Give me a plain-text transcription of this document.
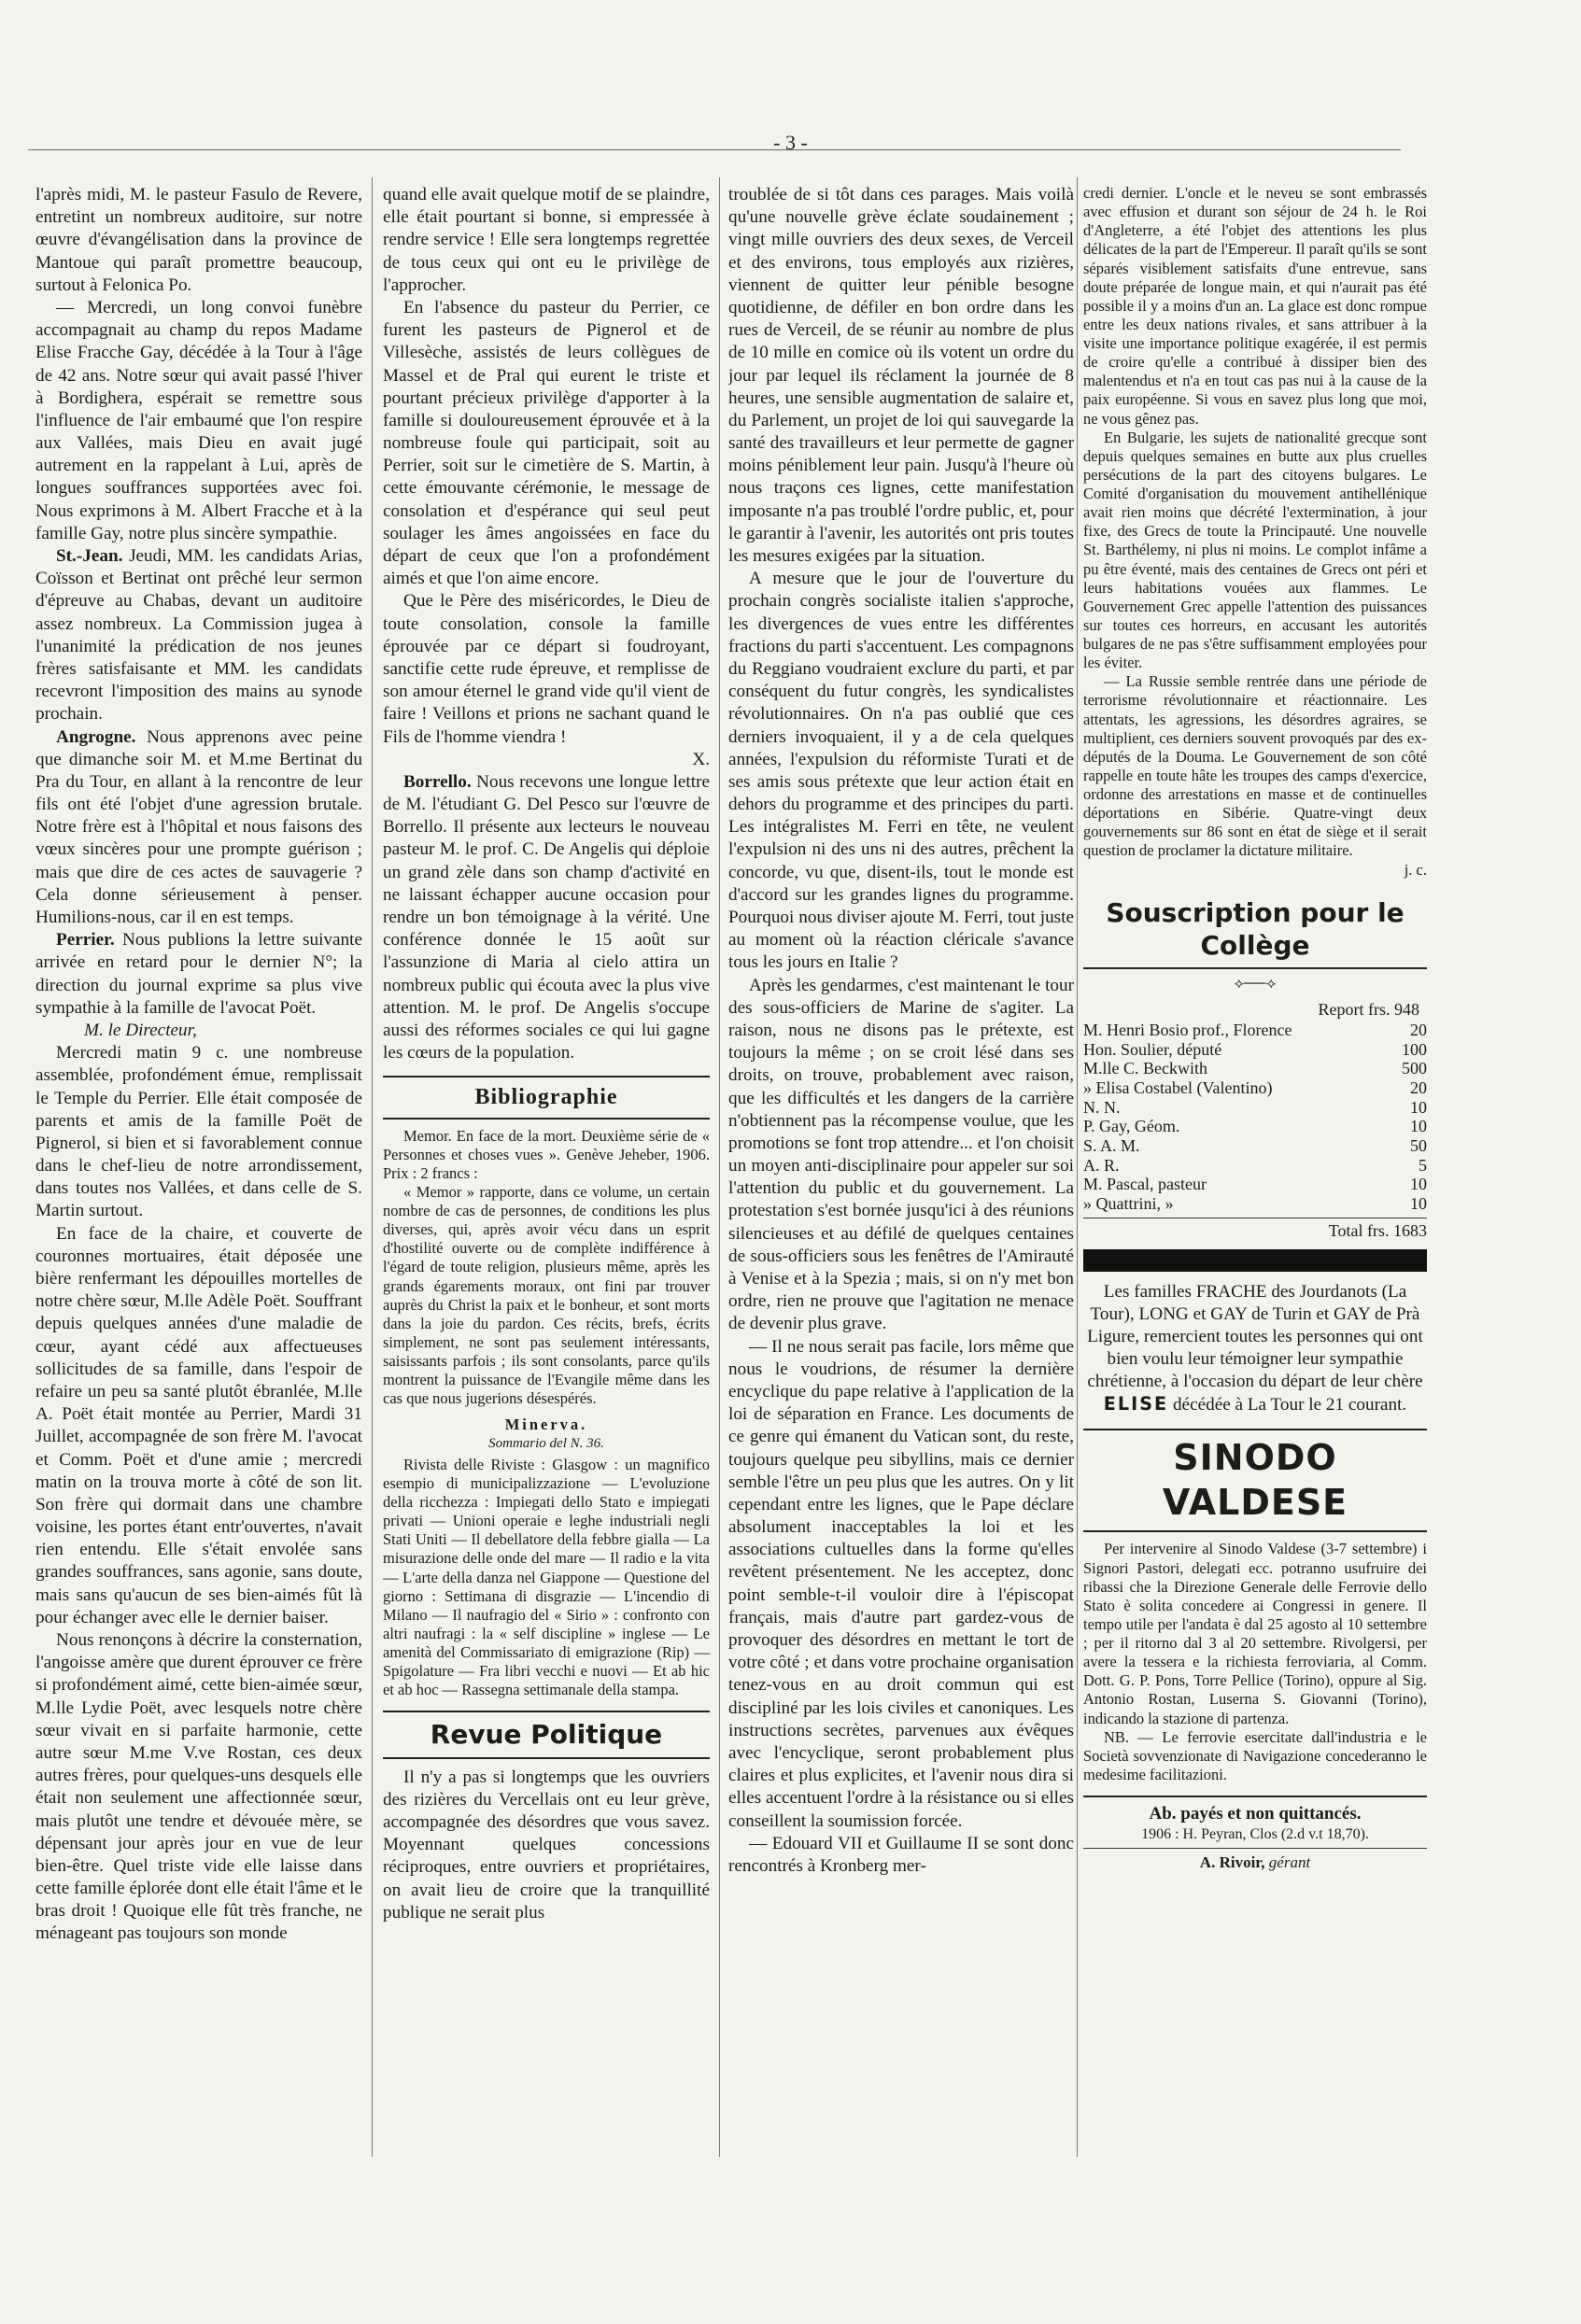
- 3 -

l'après midi, M. le pasteur Fasulo de Revere, entretint un nombreux auditoire, sur notre œuvre d'évangélisation dans la province de Mantoue qui paraît promettre beaucoup, surtout à Felonica Po.

— Mercredi, un long convoi funèbre accompagnait au champ du repos Madame Elise Fracche Gay, décédée à la Tour à l'âge de 42 ans. Notre sœur qui avait passé l'hiver à Bordighera, espérait se remettre sous l'influence de l'air embaumé que l'on respire aux Vallées, mais Dieu en avait jugé autrement en la rappelant à Lui, après de longues souffrances supportées avec foi. Nous exprimons à M. Albert Fracche et à la famille Gay, notre plus sincère sympathie.

St.-Jean. Jeudi, MM. les candidats Arias, Coïsson et Bertinat ont prêché leur sermon d'épreuve au Chabas, devant un auditoire assez nombreux. La Commission jugea à l'unanimité la prédication de nos jeunes frères satisfaisante et MM. les candidats recevront l'imposition des mains au synode prochain.

Angrogne. Nous apprenons avec peine que dimanche soir M. et M.me Bertinat du Pra du Tour, en allant à la rencontre de leur fils ont été l'objet d'une agression brutale. Notre frère est à l'hôpital et nous faisons des vœux sincères pour une prompte guérison ; mais que dire de ces actes de sauvagerie ? Cela donne sérieusement à penser. Humilions-nous, car il en est temps.

Perrier. Nous publions la lettre suivante arrivée en retard pour le dernier N°; la direction du journal exprime sa plus vive sympathie à la famille de l'avocat Poët.

M. le Directeur,

Mercredi matin 9 c. une nombreuse assemblée, profondément émue, remplissait le Temple du Perrier. Elle était composée de parents et amis de la famille Poët de Pignerol, si bien et si favorablement connue dans le chef-lieu de notre arrondissement, dans toutes nos Vallées, et dans celle de S. Martin surtout.

En face de la chaire, et couverte de couronnes mortuaires, était déposée une bière renfermant les dépouilles mortelles de notre chère sœur, M.lle Adèle Poët. Souffrant depuis quelques années d'une maladie de cœur, ayant cédé aux affectueuses sollicitudes de sa famille, dans l'espoir de refaire un peu sa santé plutôt ébranlée, M.lle A. Poët était montée au Perrier, Mardi 31 Juillet, accompagnée de son frère M. l'avocat et Comm. Poët et d'une amie ; mercredi matin on la trouva morte à côté de son lit. Son frère qui dormait dans une chambre voisine, les portes étant entr'ouvertes, n'avait rien entendu. Elle s'était envolée sans grandes souffrances, sans agonie, sans doute, mais sans qu'aucun de ses bien-aimés fût là pour échanger avec elle le dernier baiser.

Nous renonçons à décrire la consternation, l'angoisse amère que durent éprouver ce frère si profondément aimé, cette bien-aimée sœur, M.lle Lydie Poët, avec lesquels notre chère sœur vivait en si parfaite harmonie, cette autre sœur M.me V.ve Rostan, ces deux autres frères, pour quelques-uns desquels elle était non seulement une affectionnée sœur, mais plutôt une tendre et dévouée mère, se dépensant jour après jour en vue de leur bien-être. Quel triste vide elle laisse dans cette famille éplorée dont elle était l'âme et le bras droit ! Quoique elle fût très franche, ne ménageant pas toujours son monde

quand elle avait quelque motif de se plaindre, elle était pourtant si bonne, si empressée à rendre service ! Elle sera longtemps regrettée de tous ceux qui ont eu le privilège de l'approcher.

En l'absence du pasteur du Perrier, ce furent les pasteurs de Pignerol et de Villesèche, assistés de leurs collègues de Massel et de Pral qui eurent le triste et pourtant précieux privilège d'apporter à la famille si douloureusement éprouvée et à la nombreuse foule qui participait, soit au Perrier, soit sur le cimetière de S. Martin, à cette émouvante cérémonie, le message de consolation et d'espérance qui seul peut soulager les âmes angoissées en face du départ de ceux que l'on a profondément aimés et que l'on aime encore.

Que le Père des miséricordes, le Dieu de toute consolation, console la famille éprouvée par ce départ si foudroyant, sanctifie cette rude épreuve, et remplisse de son amour éternel le grand vide qu'il vient de faire ! Veillons et prions ne sachant quand le Fils de l'homme viendra !

X.

Borrello. Nous recevons une longue lettre de M. l'étudiant G. Del Pesco sur l'œuvre de Borrello. Il présente aux lecteurs le nouveau pasteur M. le prof. C. De Angelis qui déploie un grand zèle dans son champ d'activité en ne laissant échapper aucune occasion pour rendre un bon témoignage à la vérité. Une conférence donnée le 15 août sur l'assunzione di Maria al cielo attira un nombreux public qui écouta avec la plus vive attention. M. le prof. De Angelis s'occupe aussi des réformes sociales ce qui lui gagne les cœurs de la population.

Bibliographie

Memor. En face de la mort. Deuxième série de « Personnes et choses vues ». Genève Jeheber, 1906. Prix : 2 francs :

« Memor » rapporte, dans ce volume, un certain nombre de cas de personnes, de conditions les plus diverses, qui, après avoir vécu dans un esprit d'hostilité ouverte ou de complète indifférence à l'égard de toute religion, plusieurs même, après les grands égarements moraux, ont fini par trouver auprès du Christ la paix et le bonheur, et sont morts dans la joie du pardon. Ces récits, brefs, écrits simplement, ne sont pas seulement intéressants, saisissants parfois ; ils sont consolants, parce qu'ils montrent la puissance de l'Evangile même dans les cas que nous jugerions désespérés.

Minerva.
Sommario del N. 36.

Rivista delle Riviste : Glasgow : un magnifico esempio di municipalizzazione — L'evoluzione della ricchezza : Impiegati dello Stato e impiegati privati — Unioni operaie e leghe industriali negli Stati Uniti — Il debellatore della febbre gialla — La misurazione delle onde del mare — Il radio e la vita — L'arte della danza nel Giappone — Questione del giorno : Settimana di disgrazie — L'incendio di Milano — Il naufragio del « Sirio » : confronto con altri naufragi : la « self discipline » inglese — Le amenità del Commissariato di emigrazione (Rip) — Spigolature — Fra libri vecchi e nuovi — Et ab hic et ab hoc — Rassegna settimanale della stampa.

Revue Politique

Il n'y a pas si longtemps que les ouvriers des rizières du Vercellais ont eu leur grève, accompagnée des désordres que vous savez. Moyennant quelques concessions réciproques, entre ouvriers et propriétaires, on avait lieu de croire que la tranquillité publique ne serait plus

troublée de si tôt dans ces parages. Mais voilà qu'une nouvelle grève éclate soudainement ; vingt mille ouvriers des deux sexes, de Verceil et des environs, tous employés aux rizières, viennent de quitter leur pénible besogne quotidienne, de défiler en bon ordre dans les rues de Verceil, de se réunir au nombre de plus de 10 mille en comice où ils votent un ordre du jour par lequel ils réclament la journée de 8 heures, une sensible augmentation de salaire et, du Parlement, un projet de loi qui sauvegarde la santé des travailleurs et leur permette de gagner moins péniblement leur pain. Jusqu'à l'heure où nous traçons ces lignes, cette manifestation imposante n'a pas troublé l'ordre public, et, pour le garantir à l'avenir, les autorités ont pris toutes les mesures exigées par la situation.

A mesure que le jour de l'ouverture du prochain congrès socialiste italien s'approche, les divergences de vues entre les différentes fractions du parti s'accentuent. Les compagnons du Reggiano voudraient exclure du parti, et par conséquent du futur congrès, les syndicalistes révolutionnaires. On n'a pas oublié que ces derniers invoquaient, il y a de cela quelques années, l'expulsion du réformiste Turati et de ses amis sous prétexte que leur action était en dehors du programme et des principes du parti. Les intégralistes M. Ferri en tête, ne veulent l'expulsion ni des uns ni des autres, prêchent la concorde, vu que, disent-ils, tout le monde est d'accord sur les grandes lignes du programme. Pourquoi nous diviser ajoute M. Ferri, tout juste au moment où la réaction cléricale s'avance tous les jours en Italie ?

Après les gendarmes, c'est maintenant le tour des sous-officiers de Marine de s'agiter. La raison, nous ne disons pas le prétexte, est toujours la même ; on se croit lésé dans ses droits, on trouve, probablement avec raison, que les difficultés et les dangers de la carrière n'obtiennent pas la récompense voulue, que les promotions se font trop attendre... et l'on choisit un moyen anti-disciplinaire pour appeler sur soi l'attention du public et du gouvernement. La protestation s'est bornée jusqu'ici à des réunions silencieuses et au défilé de quelques centaines de sous-officiers sous les fenêtres de l'Amirauté à Venise et à la Spezia ; mais, si on n'y met bon ordre, rien ne prouve que l'agitation ne menace de devenir plus grave.

— Il ne nous serait pas facile, lors même que nous le voudrions, de résumer la dernière encyclique du pape relative à l'application de la loi de séparation en France. Les documents de ce genre qui émanent du Vatican sont, du reste, toujours quelque peu sibyllins, mais ce dernier semble l'être un peu plus que les autres. On y lit cependant entre les lignes, que le Pape déclare absolument inacceptables la loi et les associations cultuelles dans la forme qu'elles revêtent présentement. Ne les acceptez, donc point semble-t-il vouloir dire à l'épiscopat français, mais d'autre part gardez-vous de provoquer des désordres en mettant le tort de votre côté ; et dans votre prochaine organisation tenez-vous en au droit commun qui est discipliné par les lois civiles et canoniques. Les instructions secrètes, parvenues aux évêques avec l'encyclique, seront probablement plus claires et plus explicites, et l'avenir nous dira si elles accentuent l'ordre à la résistance ou si elles conseillent la soumission forcée.

— Edouard VII et Guillaume II se sont donc rencontrés à Kronberg mer-

credi dernier. L'oncle et le neveu se sont embrassés avec effusion et durant son séjour de 24 h. le Roi d'Angleterre, a été l'objet des attentions les plus délicates de la part de l'Empereur. Il paraît qu'ils se sont séparés visiblement satisfaits d'une entrevue, sans doute préparée de longue main, et qui n'aurait pas été possible il y a moins d'un an. La glace est donc rompue entre les deux nations rivales, et sans attribuer à la visite une importance politique exagérée, il est permis de croire qu'elle a contribué à dissiper bien des malentendus et n'a en tout cas pas nui à la cause de la paix européenne. Si vous en savez plus long que moi, ne vous gênez pas.

En Bulgarie, les sujets de nationalité grecque sont depuis quelques semaines en butte aux plus cruelles persécutions de la part des citoyens bulgares. Le Comité d'organisation du mouvement antihellénique avait rien moins que décrété l'extermination, à jour fixe, des Grecs de toute la Principauté. Une nouvelle St. Barthélemy, ni plus ni moins. Le complot infâme a pu être éventé, mais des centaines de Grecs ont péri et leurs habitations vouées aux flammes. Le Gouvernement Grec appelle l'attention des puissances sur toutes ces horreurs, en accusant les autorités bulgares de ne pas s'être suffisamment employées pour les éviter.

— La Russie semble rentrée dans une période de terrorisme révolutionnaire et réactionnaire. Les attentats, les agressions, les désordres agraires, se multiplient, ces derniers souvent provoqués par des ex-députés de la Douma. Le Gouvernement de son côté rappelle en toute hâte les troupes des camps d'exercice, ordonne des arrestations en masse et de continuelles déportations en Sibérie. Quatre-vingt deux gouvernements sur 86 sont en état de siège et il serait question de proclamer la dictature militaire.

j. c.

Souscription pour le Collège
⟡──⟢
Report frs. 948
M. Henri Bosio prof., Florence	20
Hon. Soulier, député	100
M.lle C. Beckwith	500
» Elisa Costabel (Valentino)	20
N. N.	10
P. Gay, Géom.	10
S. A. M.	50
A. R.	5
M. Pascal, pasteur	10
» Quattrini, »	10
Total frs. 1683

Les familles FRACHE des Jourdanots (La Tour), LONG et GAY de Turin et GAY de Prà Ligure, remercient toutes les personnes qui ont bien voulu leur témoigner leur sympathie chrétienne, à l'occasion du départ de leur chère ELISE décédée à La Tour le 21 courant.

SINODO VALDESE

Per intervenire al Sinodo Valdese (3-7 settembre) i Signori Pastori, delegati ecc. potranno usufruire dei ribassi che la Direzione Generale delle Ferrovie dello Stato è solita concedere ai Congressi in genere. Il tempo utile per l'andata è dal 25 agosto al 10 settembre ; per il ritorno dal 3 al 20 settembre. Rivolgersi, per avere la tessera e la richiesta ferroviaria, al Comm. Dott. G. P. Pons, Torre Pellice (Torino), oppure al Sig. Antonio Rostan, Luserna S. Giovanni (Torino), indicando la stazione di partenza.

NB. — Le ferrovie esercitate dall'industria e le Società sovvenzionate di Navigazione concederanno le medesime facilitazioni.

Ab. payés et non quittancés.
1906 : H. Peyran, Clos (2.d v.t 18,70).
A. Rivoir, gérant
